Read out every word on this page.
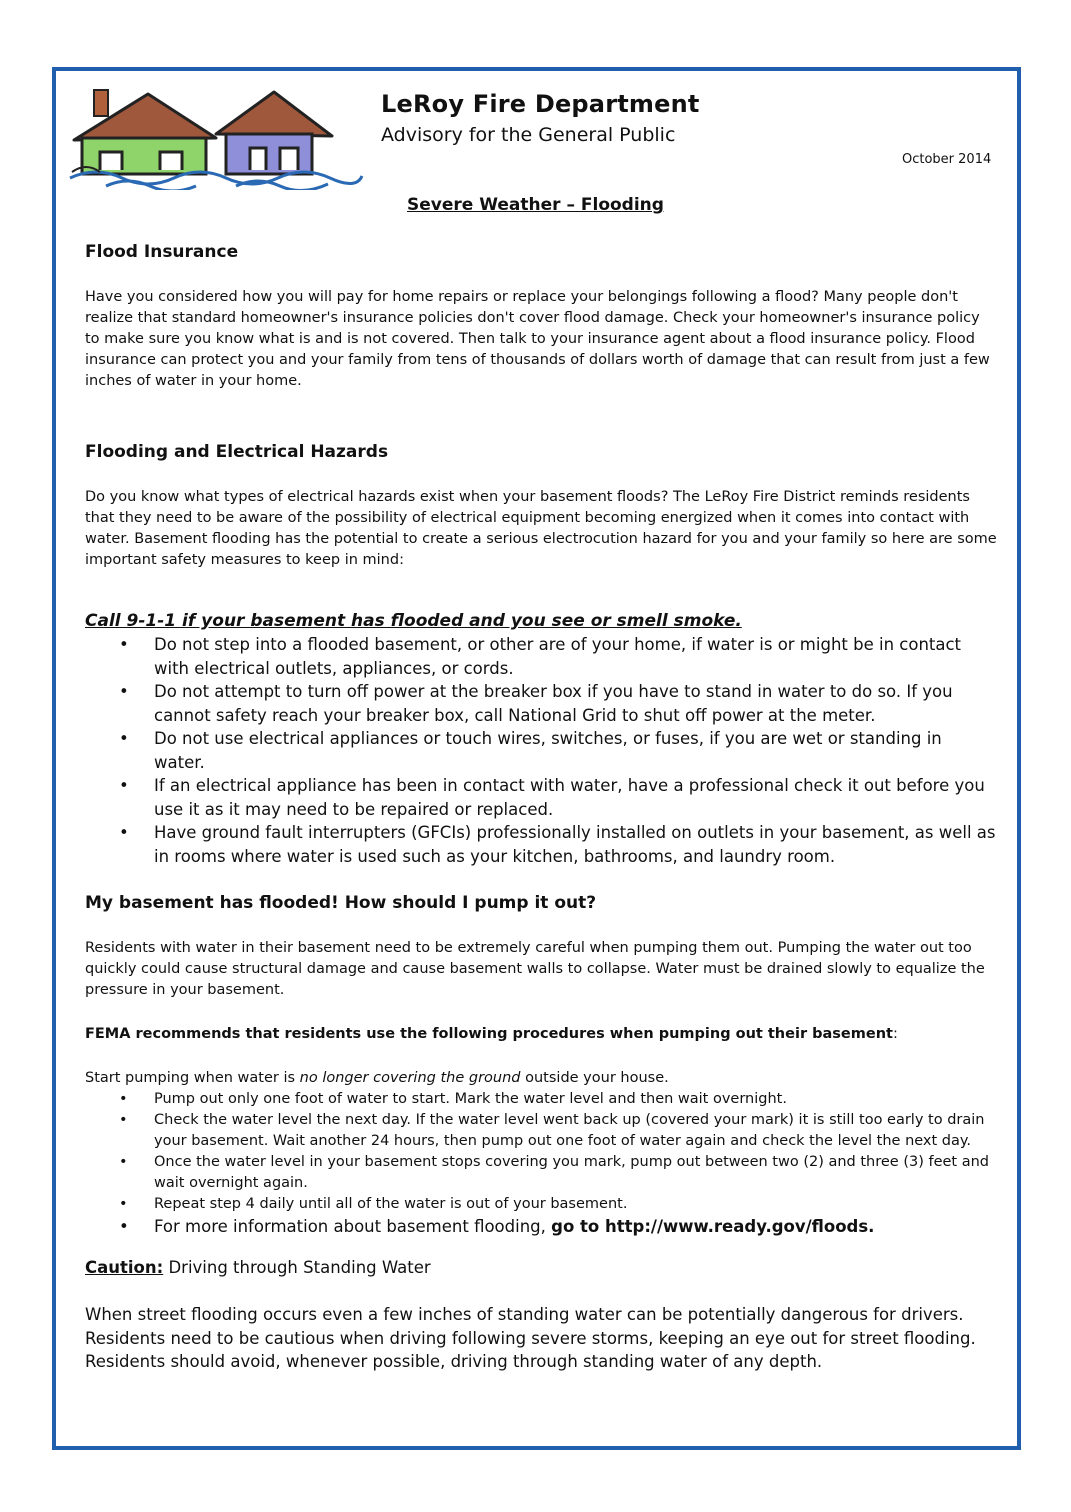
LeRoy Fire Department
Advisory for the General Public
October 2014
Severe Weather – Flooding
Flood Insurance

Have you considered how you will pay for home repairs or replace your belongings following a flood? Many people don't realize that standard homeowner's insurance policies don't cover flood damage. Check your homeowner's insurance policy to make sure you know what is and is not covered. Then talk to your insurance agent about a flood insurance policy. Flood insurance can protect you and your family from tens of thousands of dollars worth of damage that can result from just a few inches of water in your home.

Flooding and Electrical Hazards

Do you know what types of electrical hazards exist when your basement floods? The LeRoy Fire District reminds residents that they need to be aware of the possibility of electrical equipment becoming energized when it comes into contact with water. Basement flooding has the potential to create a serious electrocution hazard for you and your family so here are some important safety measures to keep in mind:

Call 9-1-1 if your basement has flooded and you see or smell smoke.
• Do not step into a flooded basement, or other are of your home, if water is or might be in contact with electrical outlets, appliances, or cords.
• Do not attempt to turn off power at the breaker box if you have to stand in water to do so. If you cannot safety reach your breaker box, call National Grid to shut off power at the meter.
• Do not use electrical appliances or touch wires, switches, or fuses, if you are wet or standing in water.
• If an electrical appliance has been in contact with water, have a professional check it out before you use it as it may need to be repaired or replaced.
• Have ground fault interrupters (GFCIs) professionally installed on outlets in your basement, as well as in rooms where water is used such as your kitchen, bathrooms, and laundry room.
My basement has flooded! How should I pump it out?

Residents with water in their basement need to be extremely careful when pumping them out. Pumping the water out too quickly could cause structural damage and cause basement walls to collapse. Water must be drained slowly to equalize the pressure in your basement.

FEMA recommends that residents use the following procedures when pumping out their basement:

Start pumping when water is no longer covering the ground outside your house.

• Pump out only one foot of water to start. Mark the water level and then wait overnight.
• Check the water level the next day. If the water level went back up (covered your mark) it is still too early to drain your basement. Wait another 24 hours, then pump out one foot of water again and check the level the next day.
• Once the water level in your basement stops covering you mark, pump out between two (2) and three (3) feet and wait overnight again.
• Repeat step 4 daily until all of the water is out of your basement.
• For more information about basement flooding, go to http://www.ready.gov/floods.

Caution: Driving through Standing Water

When street flooding occurs even a few inches of standing water can be potentially dangerous for drivers. Residents need to be cautious when driving following severe storms, keeping an eye out for street flooding. Residents should avoid, whenever possible, driving through standing water of any depth.
